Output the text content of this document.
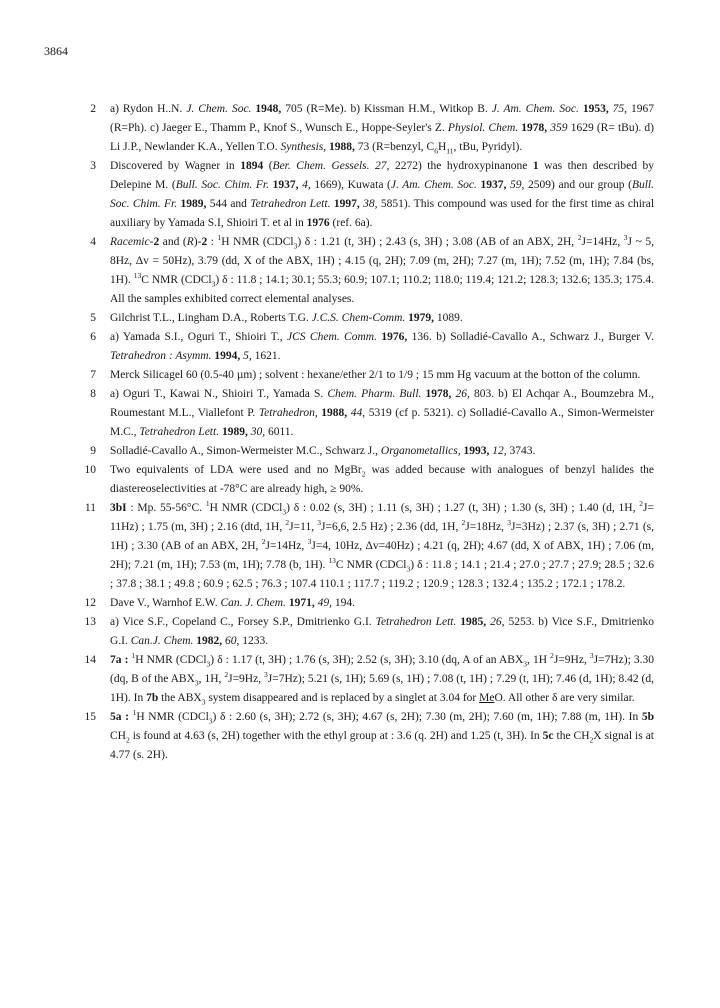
3864
2 a) Rydon H..N. J. Chem. Soc. 1948, 705 (R=Me). b) Kissman H.M., Witkop B. J. Am. Chem. Soc. 1953, 75, 1967 (R=Ph). c) Jaeger E., Thamm P., Knof S., Wunsch E., Hoppe-Seyler's Z. Physiol. Chem. 1978, 359 1629 (R= tBu). d) Li J.P., Newlander K.A., Yellen T.O. Synthesis, 1988, 73 (R=benzyl, $C_6H_{11}$, tBu, Pyridyl).
3 Discovered by Wagner in 1894 (Ber. Chem. Gessels. 27, 2272) the hydroxypinanone 1 was then described by Delepine M. (Bull. Soc. Chim. Fr. 1937, 4, 1669), Kuwata (J. Am. Chem. Soc. 1937, 59, 2509) and our group (Bull. Soc. Chim. Fr. 1989, 544 and Tetrahedron Lett. 1997, 38, 5851). This compound was used for the first time as chiral auxiliary by Yamada S.I, Shioiri T. et al in 1976 (ref. 6a).
4 Racemic-2 and (R)-2 : $^1$H NMR (CDCl$_3$) δ : 1.21 (t, 3H) ; 2.43 (s, 3H) ; 3.08 (AB of an ABX, 2H, $^2$J=14Hz, $^3$J ~ 5, 8Hz, Δv = 50Hz), 3.79 (dd, X of the ABX, 1H) ; 4.15 (q, 2H); 7.09 (m, 2H); 7.27 (m, 1H); 7.52 (m, 1H); 7.84 (bs, 1H). $^{13}$C NMR (CDCl$_3$) δ : 11.8 ; 14.1; 30.1; 55.3; 60.9; 107.1; 110.2; 118.0; 119.4; 121.2; 128.3; 132.6; 135.3; 175.4. All the samples exhibited correct elemental analyses.
5 Gilchrist T.L., Lingham D.A., Roberts T.G. J.C.S. Chem-Comm. 1979, 1089.
6 a) Yamada S.I., Oguri T., Shioiri T., JCS Chem. Comm. 1976, 136. b) Solladié-Cavallo A., Schwarz J., Burger V. Tetrahedron : Asymm. 1994, 5, 1621.
7 Merck Silicagel 60 (0.5-40 µm) ; solvent : hexane/ether 2/1 to 1/9 ; 15 mm Hg vacuum at the botton of the column.
8 a) Oguri T., Kawai N., Shioiri T., Yamada S. Chem. Pharm. Bull. 1978, 26, 803. b) El Achqar A., Boumzebra M., Roumestant M.L., Viallefont P. Tetrahedron, 1988, 44, 5319 (cf p. 5321). c) Solladié-Cavallo A., Simon-Wermeister M.C., Tetrahedron Lett. 1989, 30, 6011.
9 Solladié-Cavallo A., Simon-Wermeister M.C., Schwarz J., Organometallics, 1993, 12, 3743.
10 Two equivalents of LDA were used and no MgBr$_2$ was added because with analogues of benzyl halides the diastereoselectivities at -78°C are already high, ≥ 90%.
11 3bI : Mp. 55-56°C. $^1$H NMR (CDCl$_3$) δ : 0.02 (s, 3H) ; 1.11 (s, 3H) ; 1.27 (t, 3H) ; 1.30 (s, 3H) ; 1.40 (d, 1H, $^2$J= 11Hz) ; 1.75 (m, 3H) ; 2.16 (dtd, 1H, $^2$J=11, $^3$J=6,6, 2.5 Hz) ; 2.36 (dd, 1H, $^2$J=18Hz, $^3$J=3Hz) ; 2.37 (s, 3H) ; 2.71 (s, 1H) ; 3.30 (AB of an ABX, 2H, $^2$J=14Hz, $^3$J=4, 10Hz, Δv=40Hz) ; 4.21 (q, 2H); 4.67 (dd, X of ABX, 1H) ; 7.06 (m, 2H); 7.21 (m, 1H); 7.53 (m, 1H); 7.78 (b, 1H). $^{13}$C NMR (CDCl$_3$) δ : 11.8 ; 14.1 ; 21.4 ; 27.0 ; 27.7 ; 27.9; 28.5 ; 32.6 ; 37.8 ; 38.1 ; 49.8 ; 60.9 ; 62.5 ; 76.3 ; 107.4 110.1 ; 117.7 ; 119.2 ; 120.9 ; 128.3 ; 132.4 ; 135.2 ; 172.1 ; 178.2.
12 Dave V., Warnhof E.W. Can. J. Chem. 1971, 49, 194.
13 a) Vice S.F., Copeland C., Forsey S.P., Dmitrienko G.I. Tetrahedron Lett. 1985, 26, 5253. b) Vice S.F., Dmitrienko G.I. Can.J. Chem. 1982, 60, 1233.
14 7a : $^1$H NMR (CDCl$_3$) δ : 1.17 (t, 3H) ; 1.76 (s, 3H); 2.52 (s, 3H); 3.10 (dq, A of an $ABX_3$, 1H $^2$J=9Hz, $^3$J=7Hz); 3.30 (dq, B of the $ABX_3$, 1H, $^2$J=9Hz, $^3$J=7Hz); 5.21 (s, 1H); 5.69 (s, 1H) ; 7.08 (t, 1H) ; 7.29 (t, 1H); 7.46 (d, 1H); 8.42 (d, 1H). In 7b the $ABX_3$ system disappeared and is replaced by a singlet at 3.04 for MeO. All other δ are very similar.
15 5a : $^1$H NMR (CDCl$_3$) δ : 2.60 (s, 3H); 2.72 (s, 3H); 4.67 (s, 2H); 7.30 (m, 2H); 7.60 (m, 1H); 7.88 (m, 1H). In 5b $CH_2$ is found at 4.63 (s, 2H) together with the ethyl group at : 3.6 (q. 2H) and 1.25 (t, 3H). In 5c the $CH_2X$ signal is at 4.77 (s. 2H).
